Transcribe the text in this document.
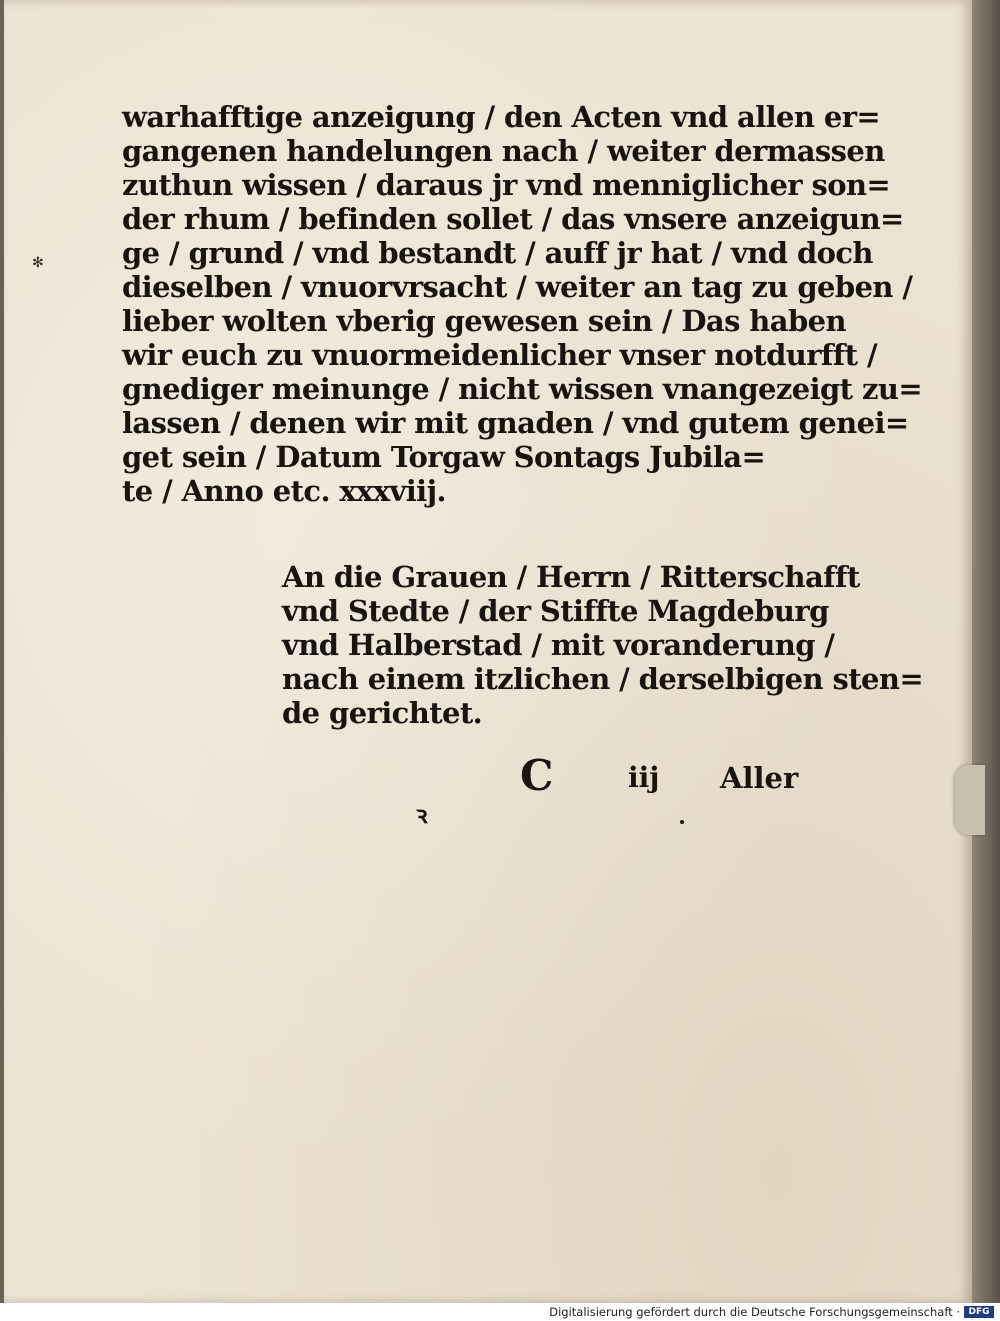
✻
warhafftige anzeigung / den Acten vnd allen er=
gangenen handelungen nach / weiter dermassen
zuthun wissen / daraus jr vnd menniglicher son=
der rhum / befinden sollet / das vnsere anzeigun=
ge / grund / vnd bestandt / auff jr hat / vnd doch
dieselben / vnuorvrsacht / weiter an tag zu geben /
lieber wolten vberig gewesen sein / Das haben
wir euch zu vnuormeidenlicher vnser notdurfft /
gnediger meinunge / nicht wissen vnangezeigt zu=
lassen / denen wir mit gnaden / vnd gutem genei=
get sein / Datum Torgaw Sontags Jubila=
te / Anno etc. xxxviij.
An die Grauen / Herrn / Ritterschafft
vnd Stedte / der Stiffte Magdeburg
vnd Halberstad / mit voranderung /
nach einem itzlichen / derselbigen sten=
de gerichtet.
C	iij Aller
ꝛ
Digitalisierung gefördert durch die Deutsche Forschungsgemeinschaft · DFG
